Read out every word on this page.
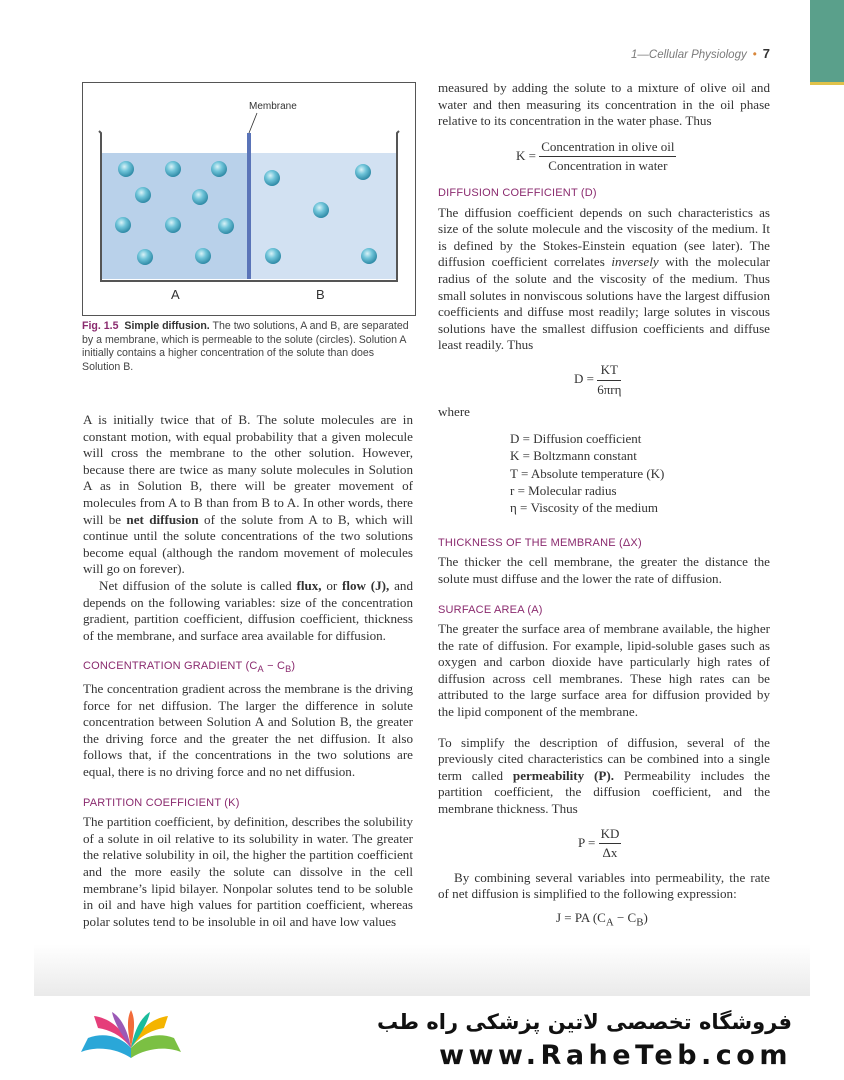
1—Cellular Physiology • 7
Membrane
A	B
Fig. 1.5 Simple diffusion. The two solutions, A and B, are separated by a membrane, which is permeable to the solute (circles). Solution A initially contains a higher concentration of the solute than does Solution B.

A is initially twice that of B. The solute molecules are in constant motion, with equal probability that a given molecule will cross the membrane to the other solution. However, because there are twice as many solute molecules in Solution A as in Solution B, there will be greater movement of molecules from A to B than from B to A. In other words, there will be net diffusion of the solute from A to B, which will continue until the solute concentrations of the two solutions become equal (although the random movement of molecules will go on forever).

Net diffusion of the solute is called flux, or flow (J), and depends on the following variables: size of the concentration gradient, partition coefficient, diffusion coefficient, thickness of the membrane, and surface area available for diffusion.

CONCENTRATION GRADIENT $(C_A - C_B)$

The concentration gradient across the membrane is the driving force for net diffusion. The larger the difference in solute concentration between Solution A and Solution B, the greater the driving force and the greater the net diffusion. It also follows that, if the concentrations in the two solutions are equal, there is no driving force and no net diffusion.

PARTITION COEFFICIENT (K)

The partition coefficient, by definition, describes the solubility of a solute in oil relative to its solubility in water. The greater the relative solubility in oil, the higher the partition coefficient and the more easily the solute can dissolve in the cell membrane’s lipid bilayer. Nonpolar solutes tend to be soluble in oil and have high values for partition coefficient, whereas polar solutes tend to be insoluble in oil and have low values

measured by adding the solute to a mixture of olive oil and water and then measuring its concentration in the oil phase relative to its concentration in the water phase. Thus

$K = \frac{\text{Concentration in olive oil}}{\text{Concentration in water}}$
DIFFUSION COEFFICIENT (D)

The diffusion coefficient depends on such characteristics as size of the solute molecule and the viscosity of the medium. It is defined by the Stokes-Einstein equation (see later). The diffusion coefficient correlates inversely with the molecular radius of the solute and the viscosity of the medium. Thus small solutes in nonviscous solutions have the largest diffusion coefficients and diffuse most readily; large solutes in viscous solutions have the smallest diffusion coefficients and diffuse least readily. Thus

$D = \frac{KT}{\text{6πrη}}$

where

D = Diffusion coefficient
K = Boltzmann constant
T = Absolute temperature (K)
r = Molecular radius
η = Viscosity of the medium
THICKNESS OF THE MEMBRANE (ΔX)

The thicker the cell membrane, the greater the distance the solute must diffuse and the lower the rate of diffusion.

SURFACE AREA (A)

The greater the surface area of membrane available, the higher the rate of diffusion. For example, lipid-soluble gases such as oxygen and carbon dioxide have particularly high rates of diffusion across cell membranes. These high rates can be attributed to the large surface area for diffusion provided by the lipid component of the membrane.

To simplify the description of diffusion, several of the previously cited characteristics can be combined into a single term called permeability (P). Permeability includes the partition coefficient, the diffusion coefficient, and the membrane thickness. Thus

$P = \frac{KD}{\Delta x}$

By combining several variables into permeability, the rate of net diffusion is simplified to the following expression:

J = PA $(C_A - C_B)$
فروشگاه تخصصی لاتین پزشکی راه طب
www.RaheTeb.com
